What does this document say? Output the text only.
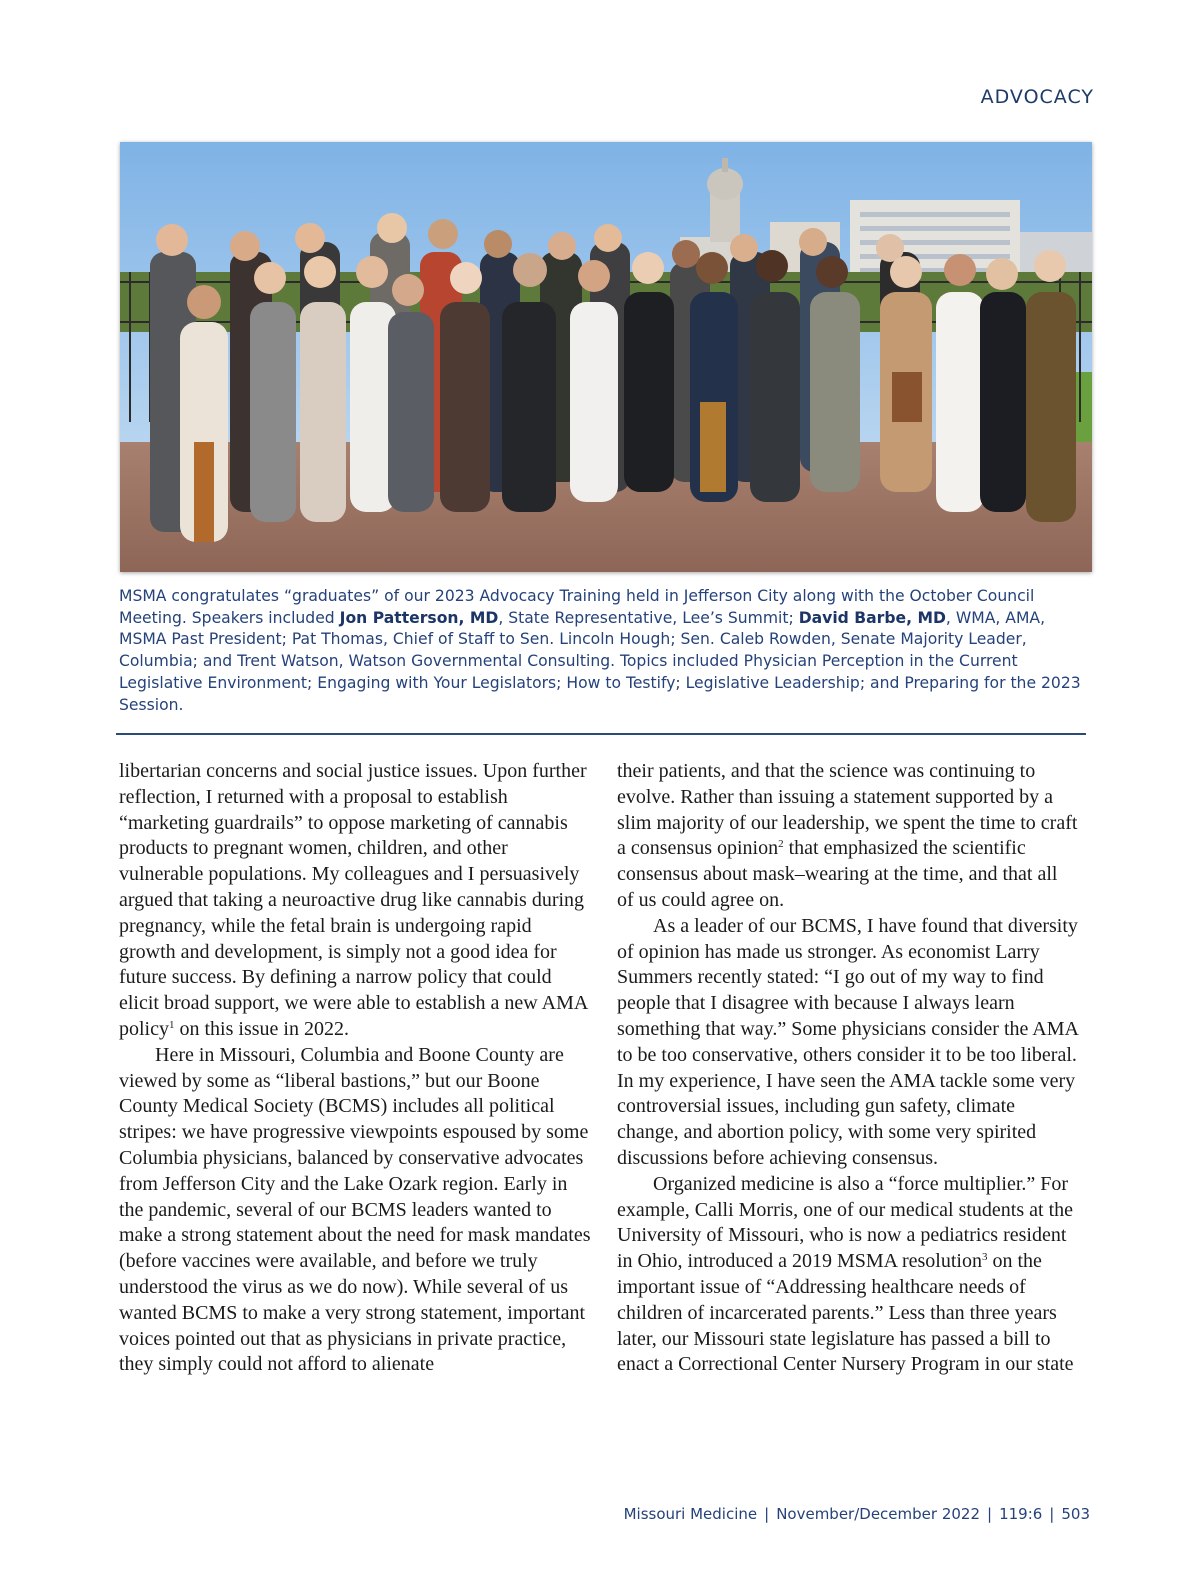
ADVOCACY
MSMA congratulates “graduates” of our 2023 Advocacy Training held in Jefferson City along with the October Council Meeting. Speakers included Jon Patterson, MD, State Representative, Lee’s Summit; David Barbe, MD, WMA, AMA, MSMA Past President; Pat Thomas, Chief of Staff to Sen. Lincoln Hough; Sen. Caleb Rowden, Senate Majority Leader, Columbia; and Trent Watson, Watson Governmental Consulting. Topics included Physician Perception in the Current Legislative Environment; Engaging with Your Legislators; How to Testify; Legislative Leadership; and Preparing for the 2023 Session.

libertarian concerns and social justice issues. Upon further reflection, I returned with a proposal to establish “marketing guardrails” to oppose marketing of cannabis products to pregnant women, children, and other vulnerable populations. My colleagues and I persuasively argued that taking a neuroactive drug like cannabis during pregnancy, while the fetal brain is undergoing rapid growth and development, is simply not a good idea for future success. By defining a narrow policy that could elicit broad support, we were able to establish a new AMA policy$^1$ on this issue in 2022.

Here in Missouri, Columbia and Boone County are viewed by some as “liberal bastions,” but our Boone County Medical Society (BCMS) includes all political stripes: we have progressive viewpoints espoused by some Columbia physicians, balanced by conservative advocates from Jefferson City and the Lake Ozark region. Early in the pandemic, several of our BCMS leaders wanted to make a strong statement about the need for mask mandates (before vaccines were available, and before we truly understood the virus as we do now). While several of us wanted BCMS to make a very strong statement, important voices pointed out that as physicians in private practice, they simply could not afford to alienate

their patients, and that the science was continuing to evolve. Rather than issuing a statement supported by a slim majority of our leadership, we spent the time to craft a consensus opinion$^2$ that emphasized the scientific consensus about mask–wearing at the time, and that all of us could agree on.

As a leader of our BCMS, I have found that diversity of opinion has made us stronger. As economist Larry Summers recently stated: “I go out of my way to find people that I disagree with because I always learn something that way.” Some physicians consider the AMA to be too conservative, others consider it to be too liberal. In my experience, I have seen the AMA tackle some very controversial issues, including gun safety, climate change, and abortion policy, with some very spirited discussions before achieving consensus.

Organized medicine is also a “force multiplier.” For example, Calli Morris, one of our medical students at the University of Missouri, who is now a pediatrics resident in Ohio, introduced a 2019 MSMA resolution$^3$ on the important issue of “Addressing healthcare needs of children of incarcerated parents.” Less than three years later, our Missouri state legislature has passed a bill to enact a Correctional Center Nursery Program in our state

Missouri Medicine | November/December 2022 | 119:6 | 503
